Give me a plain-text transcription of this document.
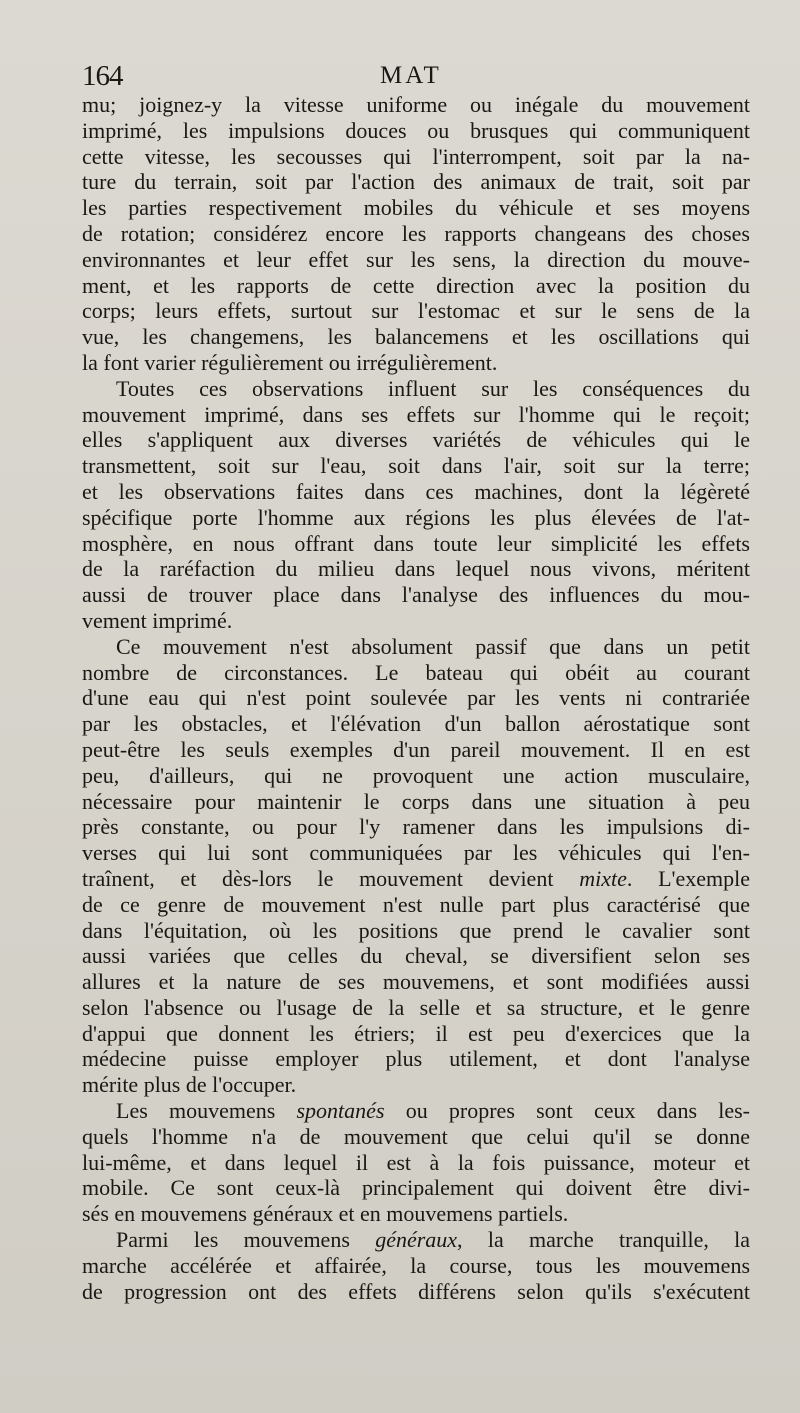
164	MAT
mu; joignez-y la vitesse uniforme ou inégale du mouvement
imprimé, les impulsions douces ou brusques qui communiquent
cette vitesse, les secousses qui l'interrompent, soit par la na-
ture du terrain, soit par l'action des animaux de trait, soit par
les parties respectivement mobiles du véhicule et ses moyens
de rotation; considérez encore les rapports changeans des choses
environnantes et leur effet sur les sens, la direction du mouve-
ment, et les rapports de cette direction avec la position du
corps; leurs effets, surtout sur l'estomac et sur le sens de la
vue, les changemens, les balancemens et les oscillations qui
la font varier régulièrement ou irrégulièrement.
Toutes ces observations influent sur les conséquences du
mouvement imprimé, dans ses effets sur l'homme qui le reçoit;
elles s'appliquent aux diverses variétés de véhicules qui le
transmettent, soit sur l'eau, soit dans l'air, soit sur la terre;
et les observations faites dans ces machines, dont la légèreté
spécifique porte l'homme aux régions les plus élevées de l'at-
mosphère, en nous offrant dans toute leur simplicité les effets
de la raréfaction du milieu dans lequel nous vivons, méritent
aussi de trouver place dans l'analyse des influences du mou-
vement imprimé.
Ce mouvement n'est absolument passif que dans un petit
nombre de circonstances. Le bateau qui obéit au courant
d'une eau qui n'est point soulevée par les vents ni contrariée
par les obstacles, et l'élévation d'un ballon aérostatique sont
peut-être les seuls exemples d'un pareil mouvement. Il en est
peu, d'ailleurs, qui ne provoquent une action musculaire,
nécessaire pour maintenir le corps dans une situation à peu
près constante, ou pour l'y ramener dans les impulsions di-
verses qui lui sont communiquées par les véhicules qui l'en-
traînent, et dès-lors le mouvement devient mixte. L'exemple
de ce genre de mouvement n'est nulle part plus caractérisé que
dans l'équitation, où les positions que prend le cavalier sont
aussi variées que celles du cheval, se diversifient selon ses
allures et la nature de ses mouvemens, et sont modifiées aussi
selon l'absence ou l'usage de la selle et sa structure, et le genre
d'appui que donnent les étriers; il est peu d'exercices que la
médecine puisse employer plus utilement, et dont l'analyse
mérite plus de l'occuper.
Les mouvemens spontanés ou propres sont ceux dans les-
quels l'homme n'a de mouvement que celui qu'il se donne
lui-même, et dans lequel il est à la fois puissance, moteur et
mobile. Ce sont ceux-là principalement qui doivent être divi-
sés en mouvemens généraux et en mouvemens partiels.
Parmi les mouvemens généraux, la marche tranquille, la
marche accélérée et affairée, la course, tous les mouvemens
de progression ont des effets différens selon qu'ils s'exécutent
